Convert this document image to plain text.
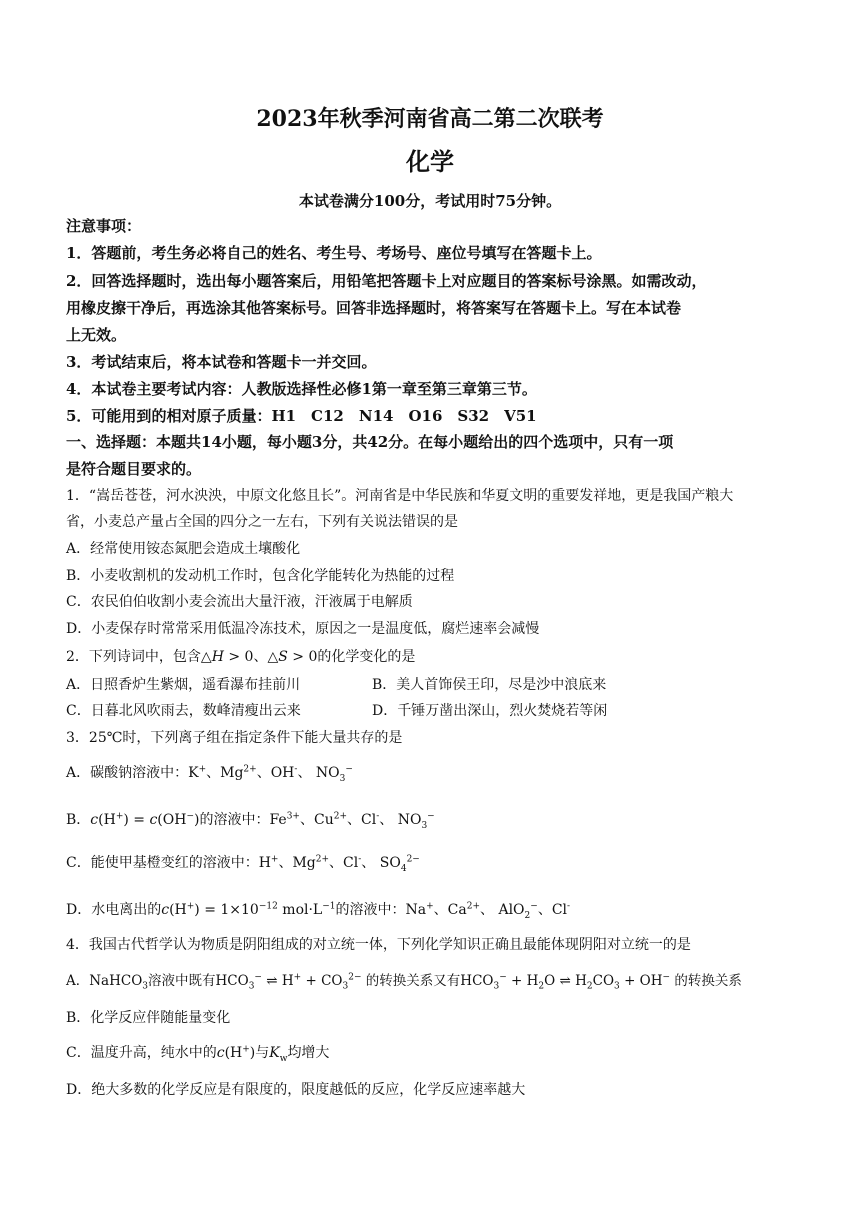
2023年秋季河南省高二第二次联考
化学
本试卷满分100分，考试用时75分钟。
注意事项：
1．答题前，考生务必将自己的姓名、考生号、考场号、座位号填写在答题卡上。
2．回答选择题时，选出每小题答案后，用铅笔把答题卡上对应题目的答案标号涂黑。如需改动，
用橡皮擦干净后，再选涂其他答案标号。回答非选择题时，将答案写在答题卡上。写在本试卷
上无效。
3．考试结束后，将本试卷和答题卡一并交回。
4．本试卷主要考试内容：人教版选择性必修1第一章至第三章第三节。
5．可能用到的相对原子质量：H1　C12　N14　O16　S32　V51
一、选择题：本题共14小题，每小题3分，共42分。在每小题给出的四个选项中，只有一项
是符合题目要求的。
1．“嵩岳苍苍，河水泱泱，中原文化悠且长”。河南省是中华民族和华夏文明的重要发祥地，更是我国产粮大
省，小麦总产量占全国的四分之一左右，下列有关说法错误的是
A．经常使用铵态氮肥会造成土壤酸化
B．小麦收割机的发动机工作时，包含化学能转化为热能的过程
C．农民伯伯收割小麦会流出大量汗液，汗液属于电解质
D．小麦保存时常常采用低温冷冻技术，原因之一是温度低，腐烂速率会减慢
2．下列诗词中，包含△H > 0、△S > 0的化学变化的是
A．日照香炉生紫烟，遥看瀑布挂前川	B．美人首饰侯王印，尽是沙中浪底来
C．日暮北风吹雨去，数峰清瘦出云来	D．千锤万凿出深山，烈火焚烧若等闲
3．25℃时，下列离子组在指定条件下能大量共存的是
A．碳酸钠溶液中：K+、$Mg^{2+}$、OH-、 $NO_3^-$
B．c(H+) = c(OH−)的溶液中：$Fe^{3+}$、$Cu^{2+}$、Cl-、 $NO_3^-$
C．能使甲基橙变红的溶液中：H+、$Mg^{2+}$、Cl-、 $SO_4^{2-}$
D．水电离出的$c(H^+) = 1\times 10^{-12}$ $mol\cdot L^{-1}$的溶液中：Na+、$Ca^{2+}$、 AlO$_2$−、Cl-
4．我国古代哲学认为物质是阴阳组成的对立统一体，下列化学知识正确且最能体现阴阳对立统一的是
A．NaHCO$_3$溶液中既有$HCO_3^-$ ⇌ $H^+ + CO_3^{2-}$ 的转换关系又有$HCO_3^- + H_2O$ ⇌ $H_2CO_3 + OH^-$ 的转换关系
B．化学反应伴随能量变化
C．温度升高，纯水中的c(H+)与$K_w$均增大
D．绝大多数的化学反应是有限度的，限度越低的反应，化学反应速率越大
